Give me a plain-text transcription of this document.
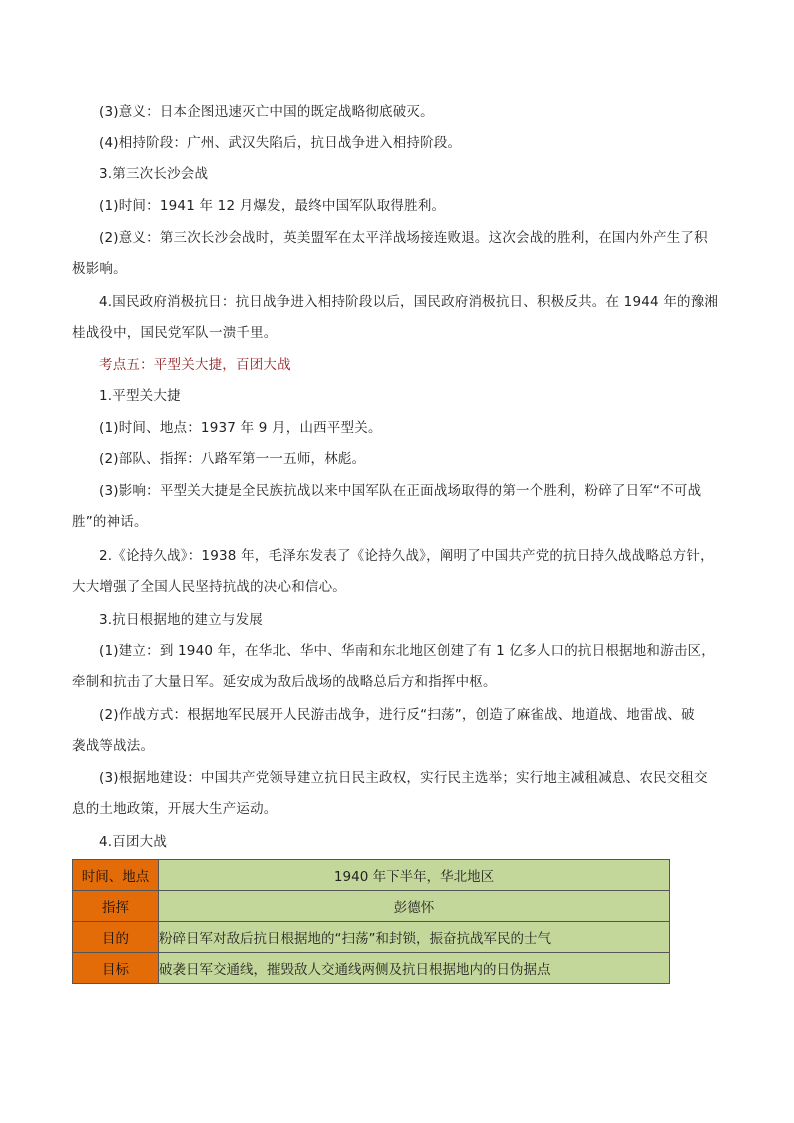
(3)意义：日本企图迅速灭亡中国的既定战略彻底破灭。
(4)相持阶段：广州、武汉失陷后，抗日战争进入相持阶段。
3.第三次长沙会战
(1)时间：1941 年 12 月爆发，最终中国军队取得胜利。
(2)意义：第三次长沙会战时，英美盟军在太平洋战场接连败退。这次会战的胜利，在国内外产生了积
极影响。
4.国民政府消极抗日：抗日战争进入相持阶段以后，国民政府消极抗日、积极反共。在 1944 年的豫湘
桂战役中，国民党军队一溃千里。
考点五：平型关大捷，百团大战
1.平型关大捷
(1)时间、地点：1937 年 9 月，山西平型关。
(2)部队、指挥：八路军第一一五师，林彪。
(3)影响：平型关大捷是全民族抗战以来中国军队在正面战场取得的第一个胜利，粉碎了日军“不可战
胜”的神话。
2.《论持久战》：1938 年，毛泽东发表了《论持久战》，阐明了中国共产党的抗日持久战战略总方针，
大大增强了全国人民坚持抗战的决心和信心。
3.抗日根据地的建立与发展
(1)建立：到 1940 年，在华北、华中、华南和东北地区创建了有 1 亿多人口的抗日根据地和游击区，
牵制和抗击了大量日军。延安成为敌后战场的战略总后方和指挥中枢。
(2)作战方式：根据地军民展开人民游击战争，进行反“扫荡”，创造了麻雀战、地道战、地雷战、破
袭战等战法。
(3)根据地建设：中国共产党领导建立抗日民主政权，实行民主选举；实行地主减租减息、农民交租交
息的土地政策，开展大生产运动。
4.百团大战
时间、地点	1940 年下半年，华北地区
指挥	彭德怀
目的	粉碎日军对敌后抗日根据地的“扫荡”和封锁，振奋抗战军民的士气
目标	破袭日军交通线，摧毁敌人交通线两侧及抗日根据地内的日伪据点
